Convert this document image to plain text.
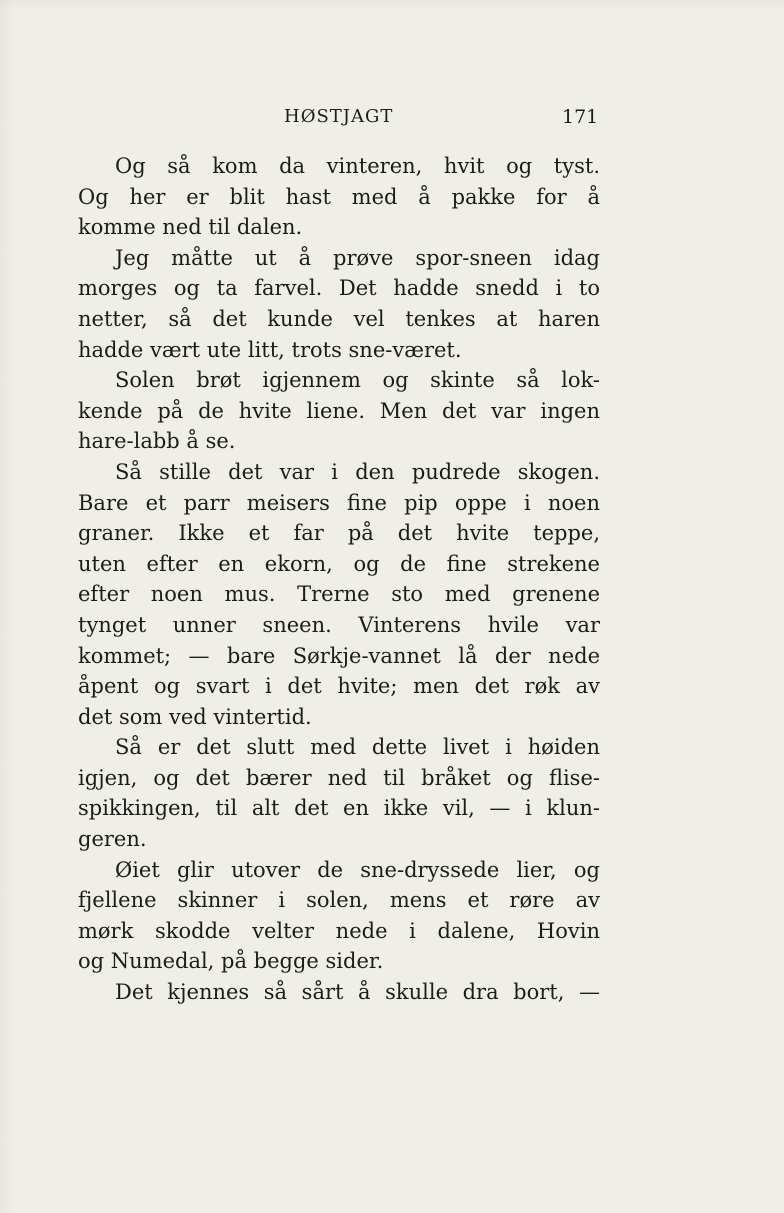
HØSTJAGT	171
Og så kom da vinteren, hvit og tyst.
Og her er blit hast med å pakke for å
komme ned til dalen.
Jeg måtte ut å prøve spor-sneen idag
morges og ta farvel. Det hadde snedd i to
netter, så det kunde vel tenkes at haren
hadde vært ute litt, trots sne-været.
Solen brøt igjennem og skinte så lok-
kende på de hvite liene. Men det var ingen
hare-labb å se.
Så stille det var i den pudrede skogen.
Bare et parr meisers fine pip oppe i noen
graner. Ikke et far på det hvite teppe,
uten efter en ekorn, og de fine strekene
efter noen mus. Trerne sto med grenene
tynget unner sneen. Vinterens hvile var
kommet; — bare Sørkje-vannet lå der nede
åpent og svart i det hvite; men det røk av
det som ved vintertid.
Så er det slutt med dette livet i høiden
igjen, og det bærer ned til bråket og flise-
spikkingen, til alt det en ikke vil, — i klun-
geren.
Øiet glir utover de sne-dryssede lier, og
fjellene skinner i solen, mens et røre av
mørk skodde velter nede i dalene, Hovin
og Numedal, på begge sider.
Det kjennes så sårt å skulle dra bort, —
